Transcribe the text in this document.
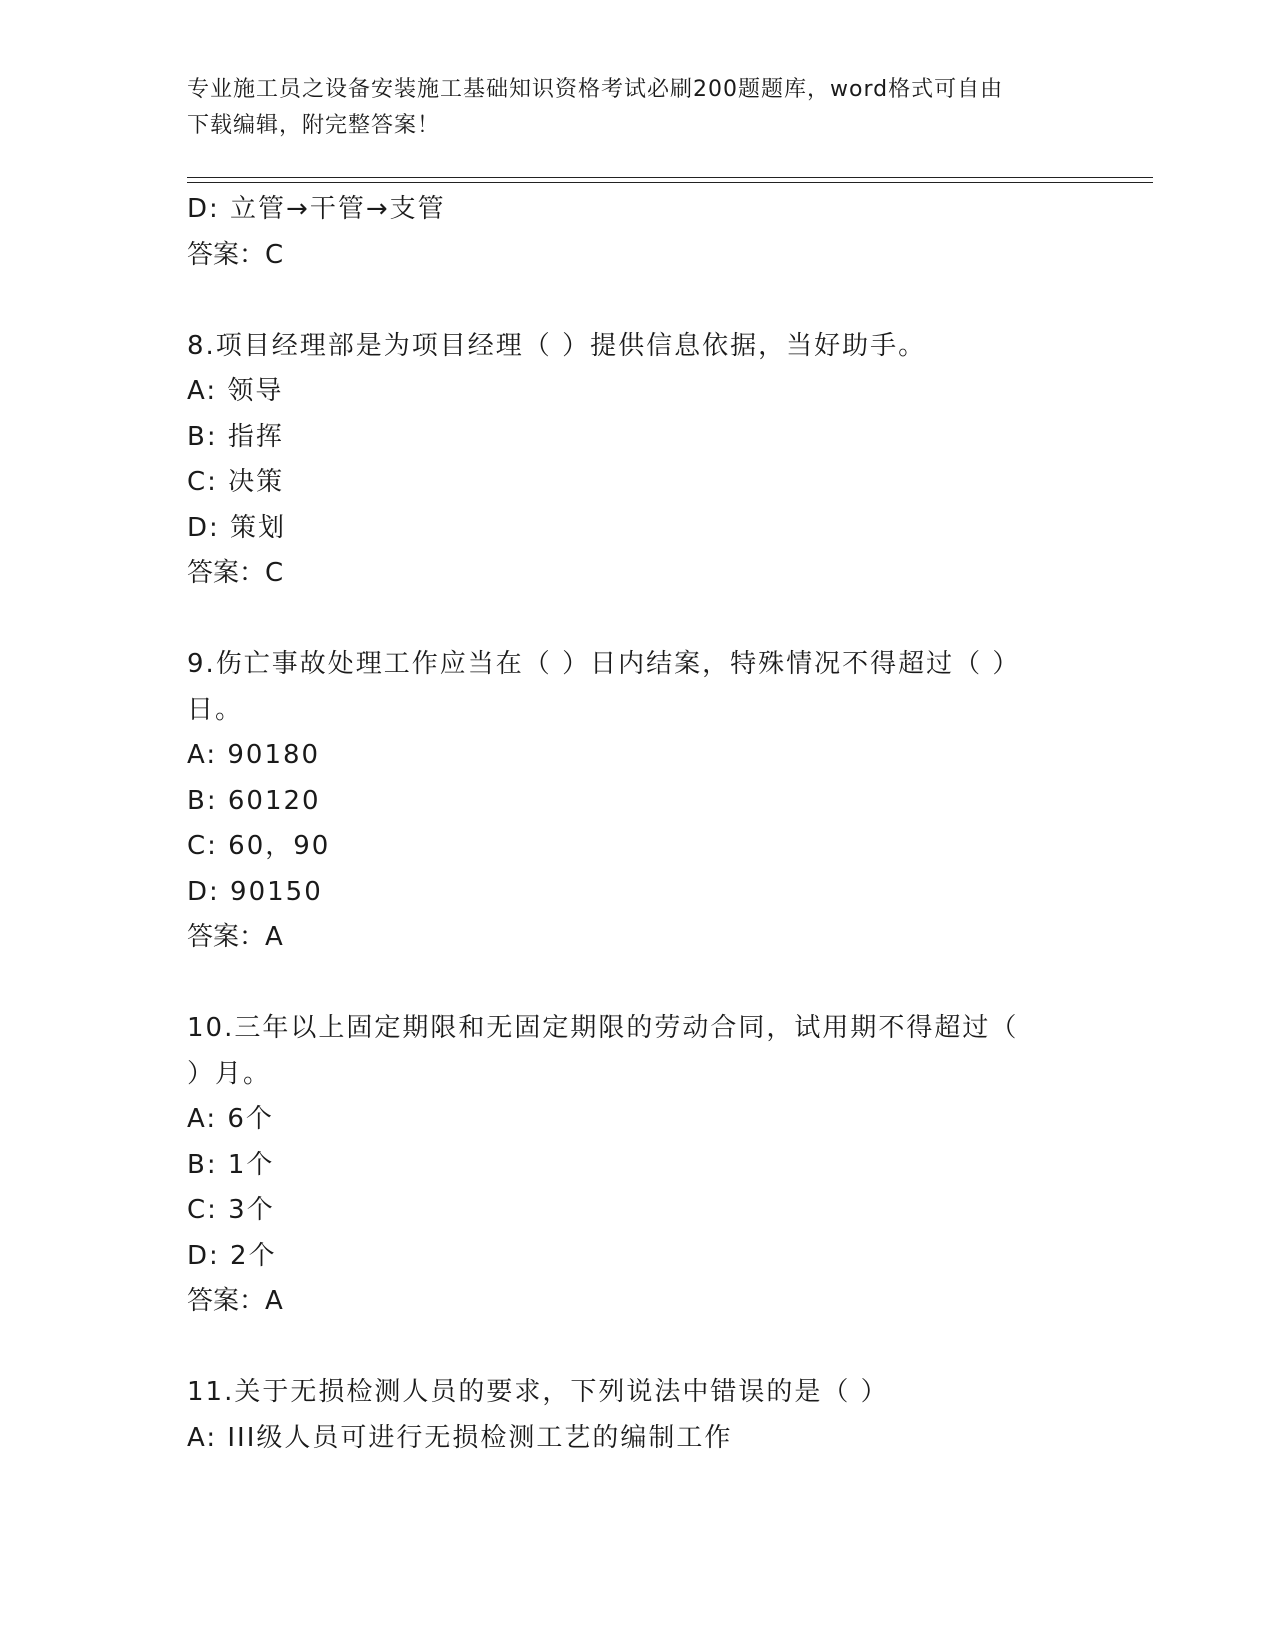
专业施工员之设备安装施工基础知识资格考试必刷200题题库，word格式可自由
下载编辑，附完整答案！
D: 立管→干管→支管
答案：C
8.项目经理部是为项目经理（ ）提供信息依据，当好助手。
A: 领导
B: 指挥
C: 决策
D: 策划
答案：C
9.伤亡事故处理工作应当在（ ）日内结案，特殊情况不得超过（ ）
日。
A: 90180
B: 60120
C: 60，90
D: 90150
答案：A
10.三年以上固定期限和无固定期限的劳动合同，试用期不得超过（
）月。
A: 6个
B: 1个
C: 3个
D: 2个
答案：A
11.关于无损检测人员的要求，下列说法中错误的是（ ）
A: III级人员可进行无损检测工艺的编制工作
